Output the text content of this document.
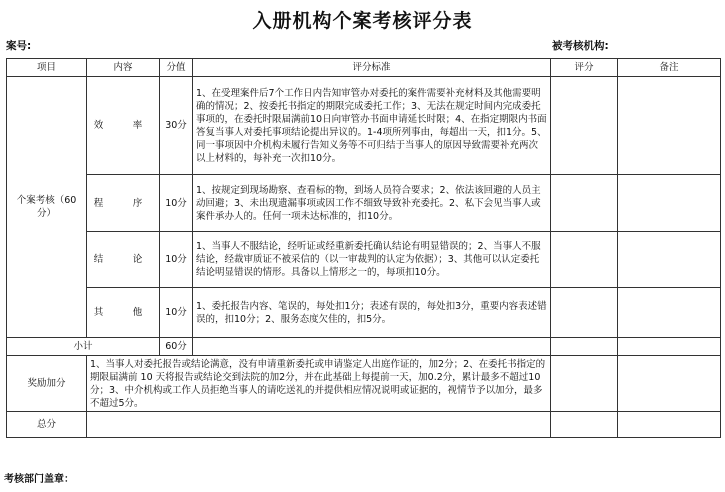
入册机构个案考核评分表
案号:	被考核机构:
项目	内容	分值	评分标准	评分	备注
个案考核（60分）	效　率	30分	1、在受理案件后7个工作日内告知审管办对委托的案件需要补充材料及其他需要明确的情况；2、按委托书指定的期限完成委托工作；3、无法在规定时间内完成委托事项的，在委托时限届满前10日向审管办书面申请延长时限；4、在指定期限内书面答复当事人对委托事项结论提出异议的。1-4项所列事由，每超出一天，扣1分。5、同一事项因中介机构未履行告知义务等不可归结于当事人的原因导致需要补充两次以上材料的，每补充一次扣10分。		
	程　序	10分	1、按规定到现场勘察、查看标的物，到场人员符合要求；2、依法该回避的人员主动回避；3、未出现遗漏事项或因工作不细致导致补充委托。2、私下会见当事人或案件承办人的。任何一项未达标准的，扣10分。		
	结　论	10分	1、当事人不服结论，经听证或经重新委托确认结论有明显错误的；2、当事人不服结论，经裁审质证不被采信的（以一审裁判的认定为依据）；3、其他可以认定委托结论明显错误的情形。具备以上情形之一的，每项扣10分。		
	其　他	10分	1、委托报告内容、笔误的，每处扣1分；表述有误的，每处扣3分，重要内容表述错误的，扣10分；2、服务态度欠佳的，扣5分。		
小计		60分			
奖励加分	1、当事人对委托报告或结论满意，没有申请重新委托或申请鉴定人出庭作证的，加2分；2、在委托书指定的期限届满前 10 天将报告或结论交到法院的加2分，并在此基础上每提前一天，加0.2分，累计最多不超过10分；3、中介机构或工作人员拒绝当事人的请吃送礼的并提供相应情况说明或证据的，视情节予以加分，最多不超过5分。				
总分					
考核部门盖章：
